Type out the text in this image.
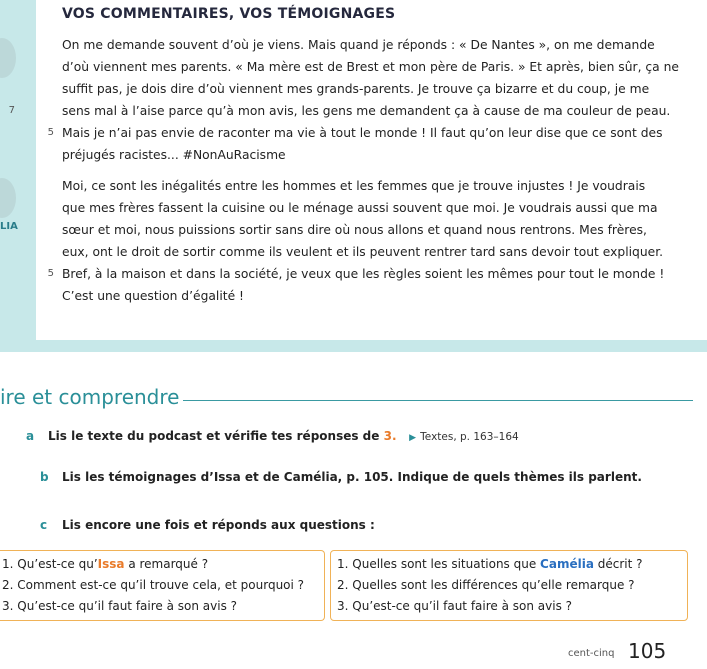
VOS COMMENTAIRES, VOS TÉMOIGNAGES
On me demande souvent d’où je viens. Mais quand je réponds : « De Nantes », on me demande
d’où viennent mes parents. « Ma mère est de Brest et mon père de Paris. » Et après, bien sûr, ça ne
suffit pas, je dois dire d’où viennent mes grands-parents. Je trouve ça bizarre et du coup, je me
7	sens mal à l’aise parce qu’à mon avis, les gens me demandent ça à cause de ma couleur de peau.
5 Mais je n’ai pas envie de raconter ma vie à tout le monde ! Il faut qu’on leur dise que ce sont des
préjugés racistes... #NonAuRacisme
LIA
Moi, ce sont les inégalités entre les hommes et les femmes que je trouve injustes ! Je voudrais
que mes frères fassent la cuisine ou le ménage aussi souvent que moi. Je voudrais aussi que ma
sœur et moi, nous puissions sortir sans dire où nous allons et quand nous rentrons. Mes frères,
eux, ont le droit de sortir comme ils veulent et ils peuvent rentrer tard sans devoir tout expliquer.
5 Bref, à la maison et dans la société, je veux que les règles soient les mêmes pour tout le monde !
C’est une question d’égalité !
ire et comprendre
a Lis le texte du podcast et vérifie tes réponses de 3. ▶ Textes, p. 163–164
b Lis les témoignages d’Issa et de Camélia, p. 105. Indique de quels thèmes ils parlent.
c Lis encore une fois et réponds aux questions :
1. Qu’est-ce qu’Issa a remarqué ?
2. Comment est-ce qu’il trouve cela, et pourquoi ?
3. Qu’est-ce qu’il faut faire à son avis ?
1. Quelles sont les situations que Camélia décrit ?
2. Quelles sont les différences qu’elle remarque ?
3. Qu’est-ce qu’il faut faire à son avis ?
cent-cinq 105
